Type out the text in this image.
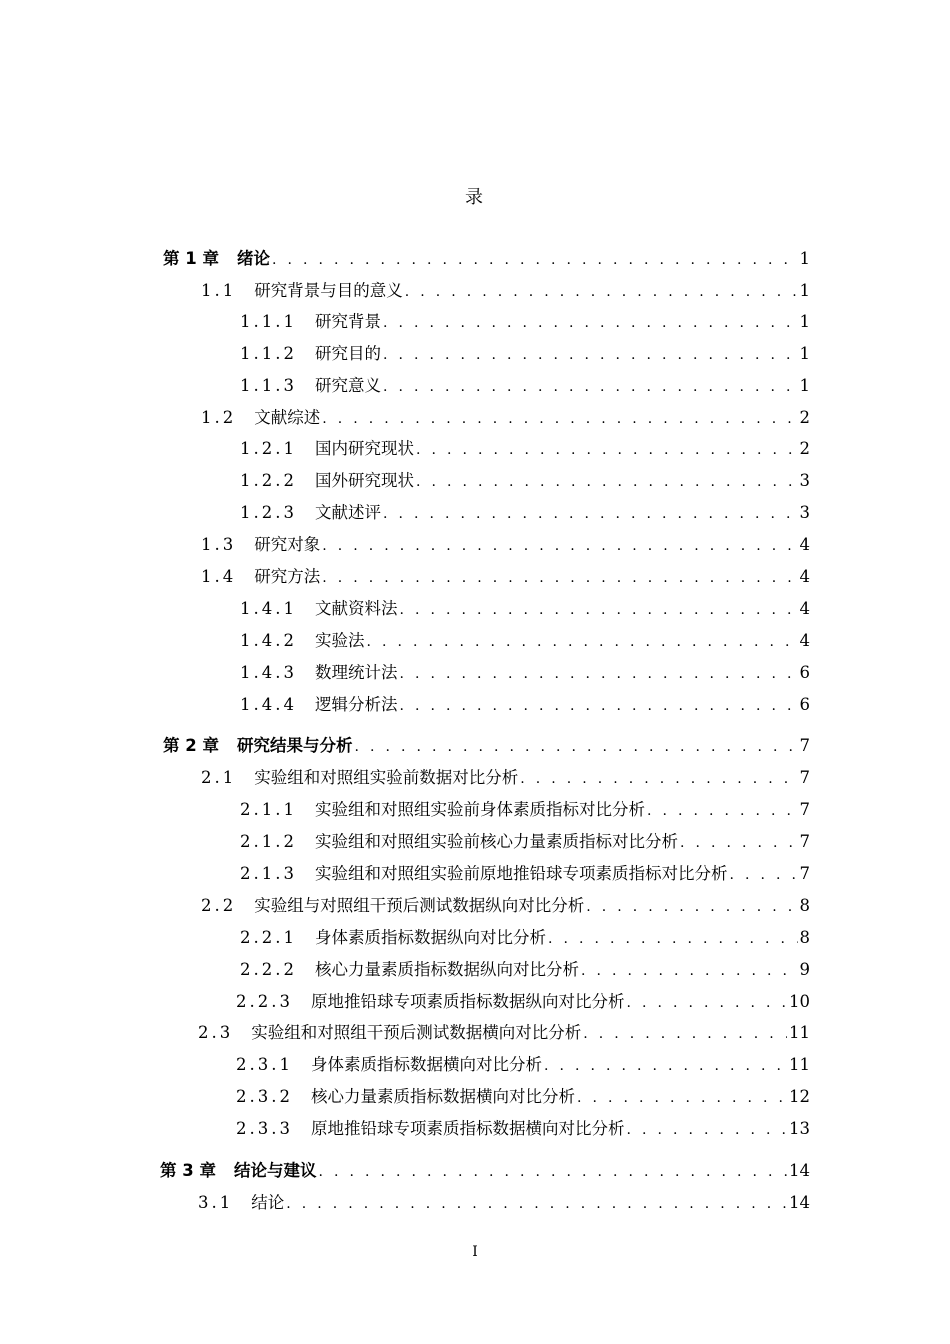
录
第 1 章 绪论 . . .	1
1.1 研究背景与目的意义 . . .	1
1.1.1 研究背景 . . .	1
1.1.2 研究目的 . . .	1
1.1.3 研究意义 . . .	1
1.2 文献综述 . . .	2
1.2.1 国内研究现状 . . .	2
1.2.2 国外研究现状 . . .	3
1.2.3 文献述评 . . .	3
1.3 研究对象 . . .	4
1.4 研究方法 . . .	4
1.4.1 文献资料法 . . .	4
1.4.2 实验法 . . .	4
1.4.3 数理统计法 . . .	6
1.4.4 逻辑分析法 . . .	6
第 2 章 研究结果与分析 . . .	7
2.1 实验组和对照组实验前数据对比分析 . . .	7
2.1.1 实验组和对照组实验前身体素质指标对比分析 . . .	7
2.1.2 实验组和对照组实验前核心力量素质指标对比分析 . . .	7
2.1.3 实验组和对照组实验前原地推铅球专项素质指标对比分析 . . .	7
2.2 实验组与对照组干预后测试数据纵向对比分析 . . .	8
2.2.1 身体素质指标数据纵向对比分析 . . .	8
2.2.2 核心力量素质指标数据纵向对比分析 . . .	9
2.2.3 原地推铅球专项素质指标数据纵向对比分析 . . .	10
2.3 实验组和对照组干预后测试数据横向对比分析 . . .	11
2.3.1 身体素质指标数据横向对比分析 . . .	11
2.3.2 核心力量素质指标数据横向对比分析 . . .	12
2.3.3 原地推铅球专项素质指标数据横向对比分析 . . .	13
第 3 章 结论与建议 . . .	14
3.1 结论 . . .	14
I
